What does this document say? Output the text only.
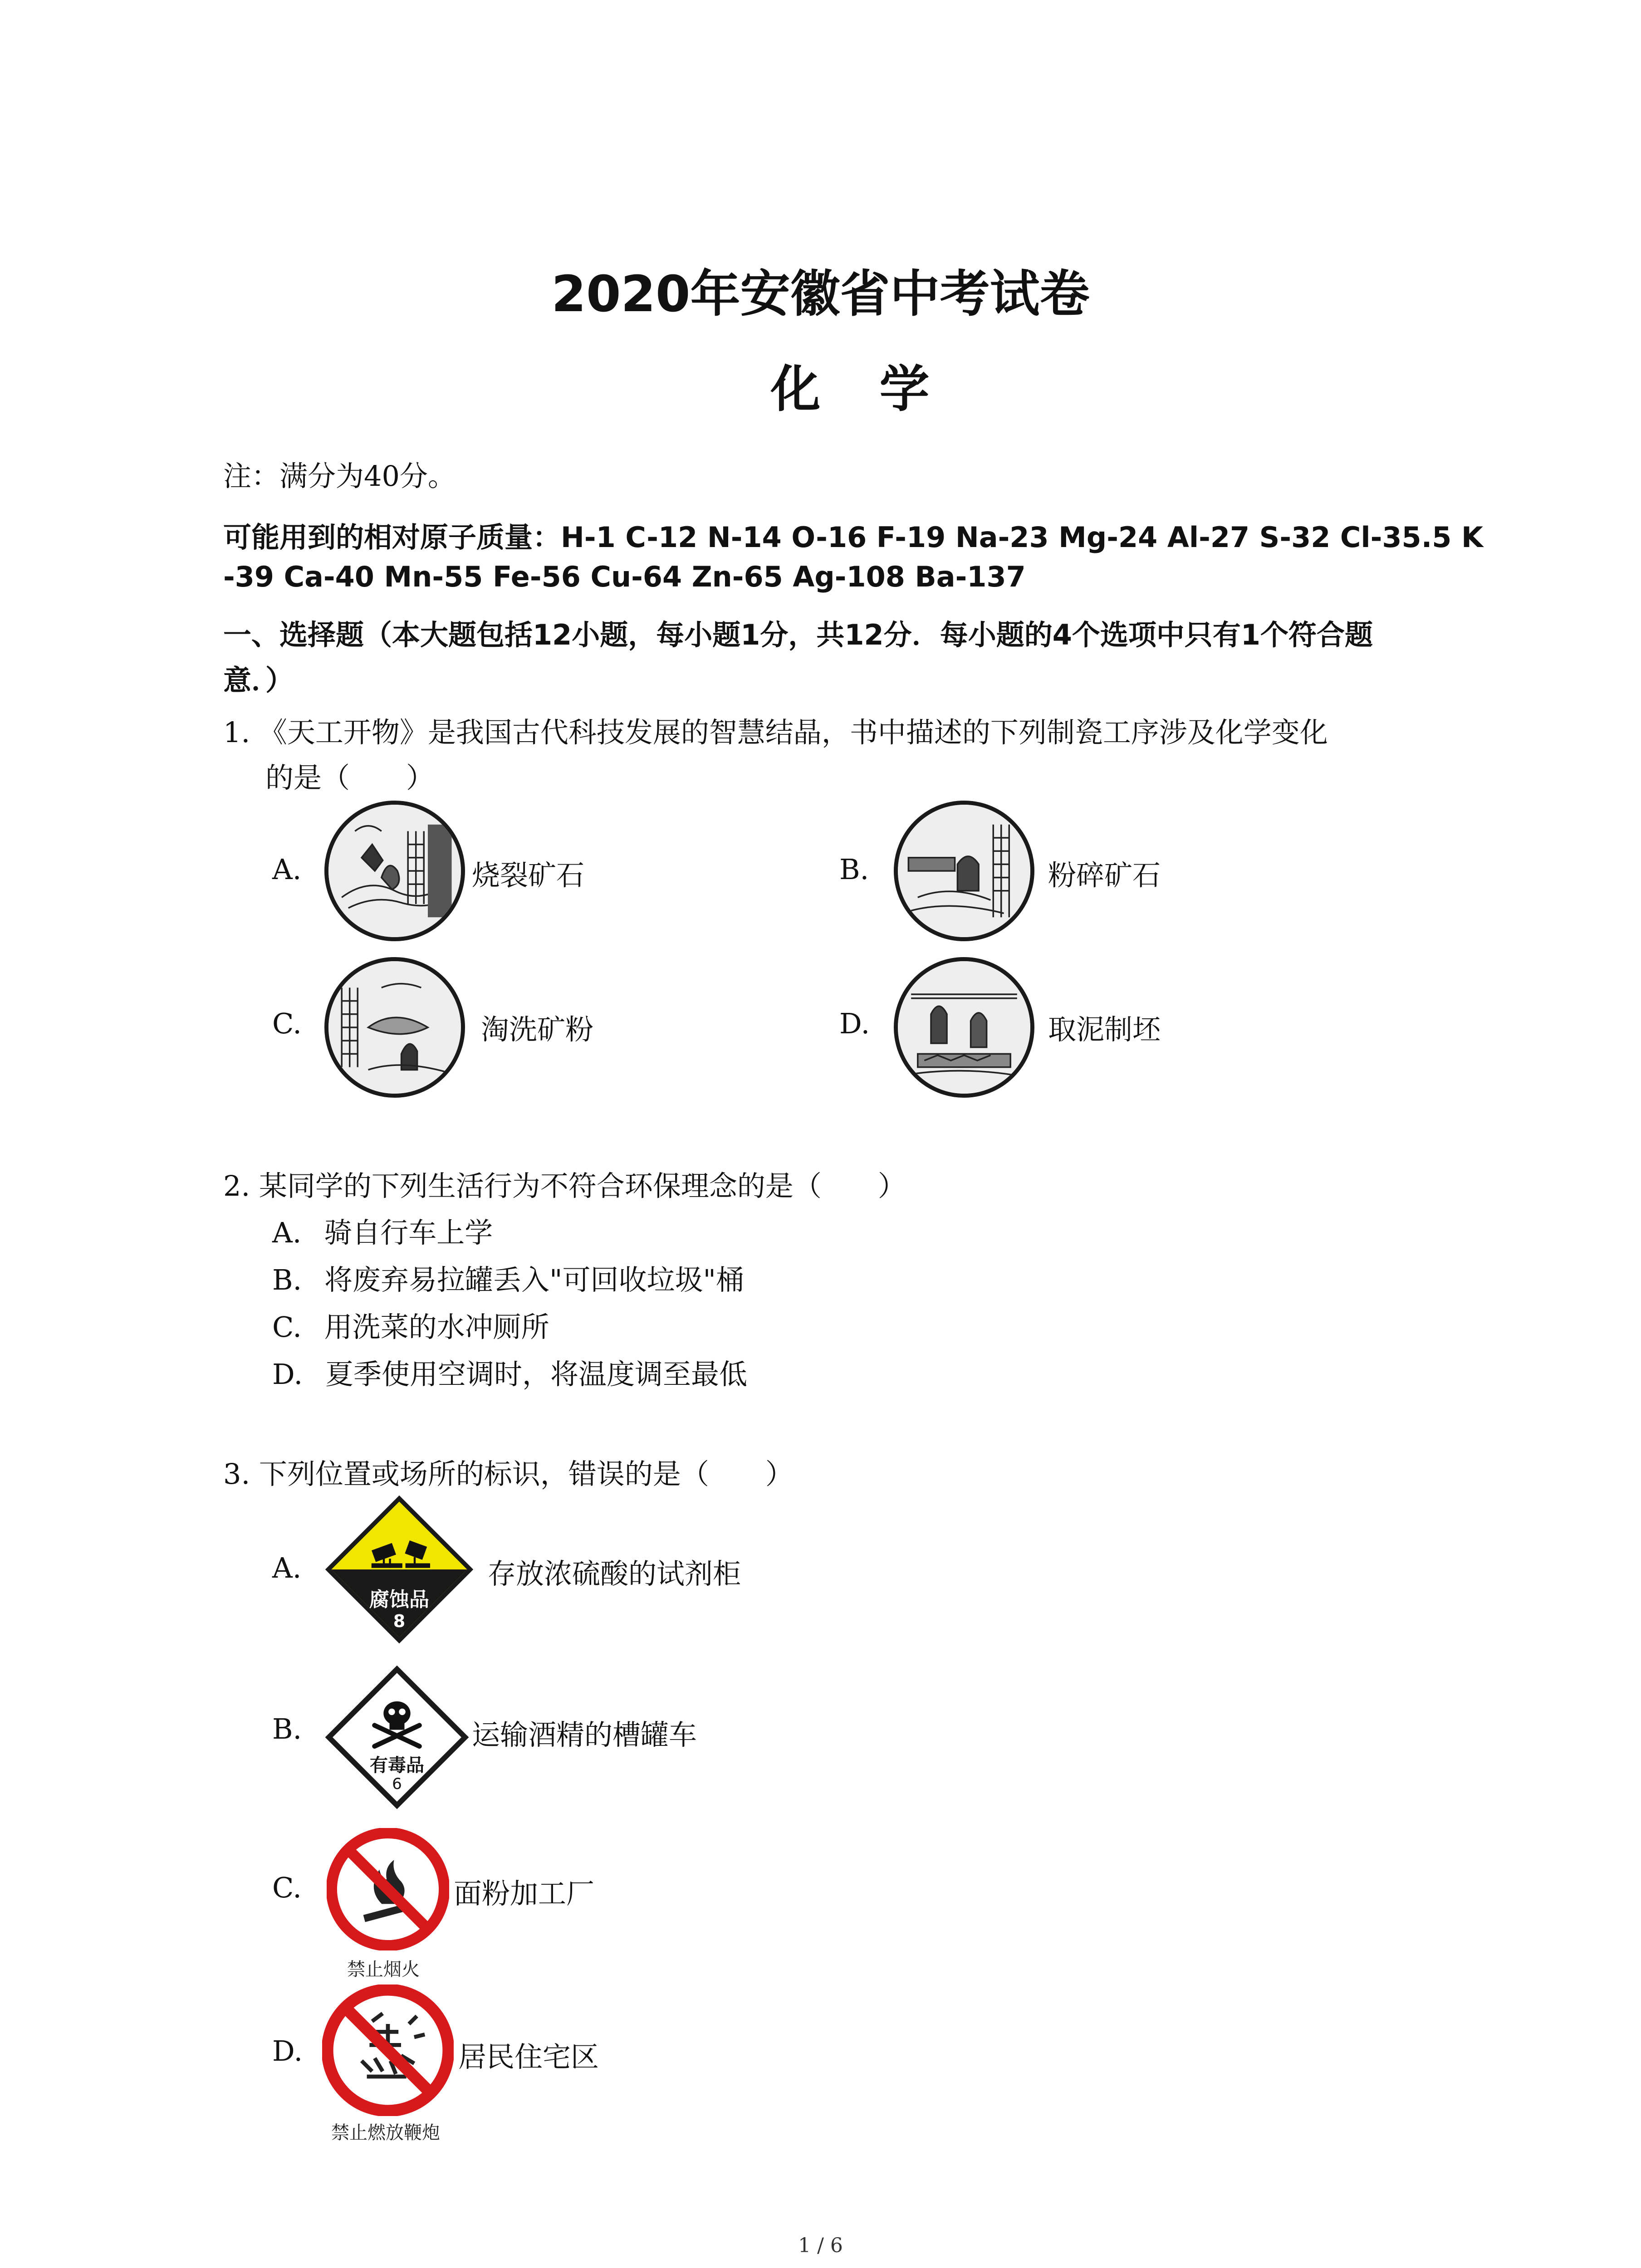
2020年安徽省中考试卷
化学
注：满分为40分。
可能用到的相对原子质量：H-1 C-12 N-14 O-16 F-19 Na-23 Mg-24 Al-27 S-32 Cl-35.5 K
-39 Ca-40 Mn-55 Fe-56 Cu-64 Zn-65 Ag-108 Ba-137
一、选择题（本大题包括12小题，每小题1分，共12分．每小题的4个选项中只有1个符合题
意．）
1. 《天工开物》是我国古代科技发展的智慧结晶，书中描述的下列制瓷工序涉及化学变化
的是（　　）
A.	烧裂矿石	B.	粉碎矿石
C.	淘洗矿粉	D.	取泥制坯
2. 某同学的下列生活行为不符合环保理念的是（　　）
A. 骑自行车上学
B. 将废弃易拉罐丢入"可回收垃圾"桶
C. 用洗菜的水冲厕所
D. 夏季使用空调时，将温度调至最低
3. 下列位置或场所的标识，错误的是（　　）
A.
腐蚀品
8
存放浓硫酸的试剂柜
B.
有毒品
6
运输酒精的槽罐车
C.
禁止烟火
面粉加工厂
D.
禁止燃放鞭炮
居民住宅区
1 / 6
